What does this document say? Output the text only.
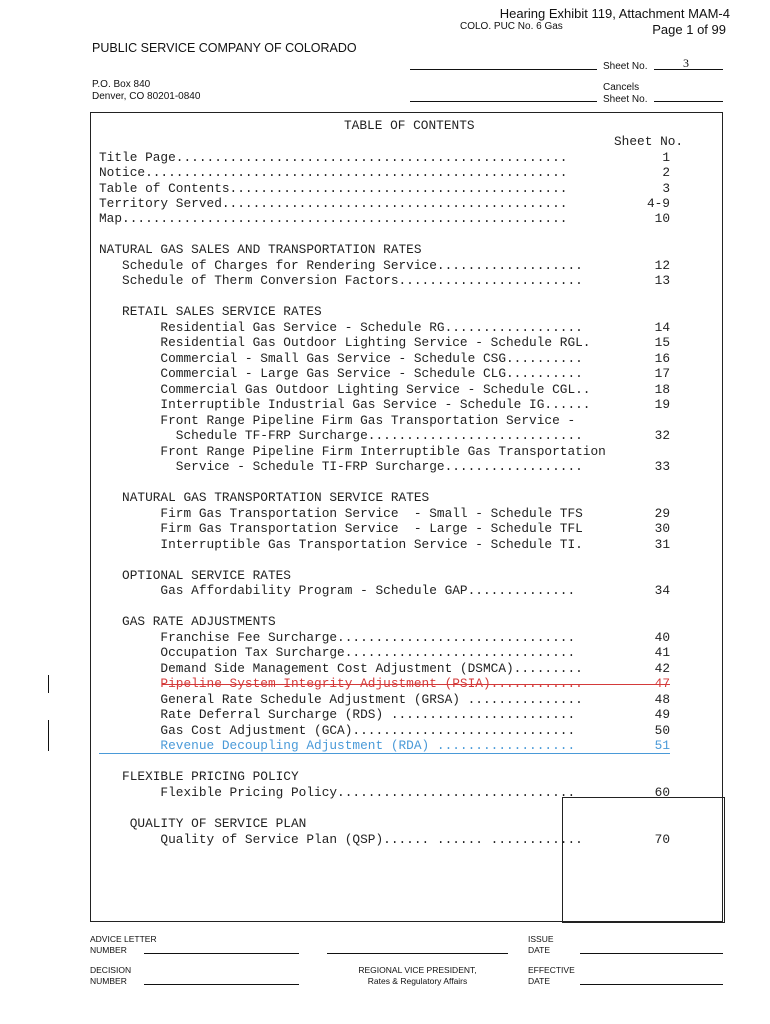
Hearing Exhibit 119, Attachment MAM-4
COLO. PUC No. 6 Gas	Page 1 of 99
PUBLIC SERVICE COMPANY OF COLORADO
Sheet No.	3
P.O. Box 840
Denver, CO 80201-0840
Cancels
Sheet No.
TABLE OF CONTENTS
Sheet No.
Title Page...................................................	1
Notice.......................................................	2
Table of Contents............................................	3
Territory Served.............................................	4-9
Map..........................................................	10
NATURAL GAS SALES AND TRANSPORTATION RATES
Schedule of Charges for Rendering Service...................	12
Schedule of Therm Conversion Factors........................	13
RETAIL SALES SERVICE RATES
Residential Gas Service - Schedule RG..................	14
Residential Gas Outdoor Lighting Service - Schedule RGL.	15
Commercial - Small Gas Service - Schedule CSG..........	16
Commercial - Large Gas Service - Schedule CLG..........	17
Commercial Gas Outdoor Lighting Service - Schedule CGL..	18
Interruptible Industrial Gas Service - Schedule IG......	19
Front Range Pipeline Firm Gas Transportation Service -
Schedule TF-FRP Surcharge............................	32
Front Range Pipeline Firm Interruptible Gas Transportation
Service - Schedule TI-FRP Surcharge..................	33
NATURAL GAS TRANSPORTATION SERVICE RATES
Firm Gas Transportation Service  - Small - Schedule TFS	29
Firm Gas Transportation Service  - Large - Schedule TFL	30
Interruptible Gas Transportation Service - Schedule TI.	31
OPTIONAL SERVICE RATES
Gas Affordability Program - Schedule GAP..............	34
GAS RATE ADJUSTMENTS
Franchise Fee Surcharge...............................	40
Occupation Tax Surcharge..............................	41
Demand Side Management Cost Adjustment (DSMCA).........	42
Pipeline System Integrity Adjustment (PSIA)............	47
General Rate Schedule Adjustment (GRSA) ...............	48
Rate Deferral Surcharge (RDS) ........................	49
Gas Cost Adjustment (GCA).............................	50
Revenue Decoupling Adjustment (RDA) ..................	51
FLEXIBLE PRICING POLICY
Flexible Pricing Policy...............................	60
QUALITY OF SERVICE PLAN
Quality of Service Plan (QSP)...... ...... ............	70
ADVICE LETTER
NUMBER
ISSUE
DATE
DECISION
NUMBER
REGIONAL VICE PRESIDENT,
Rates & Regulatory Affairs
EFFECTIVE
DATE
